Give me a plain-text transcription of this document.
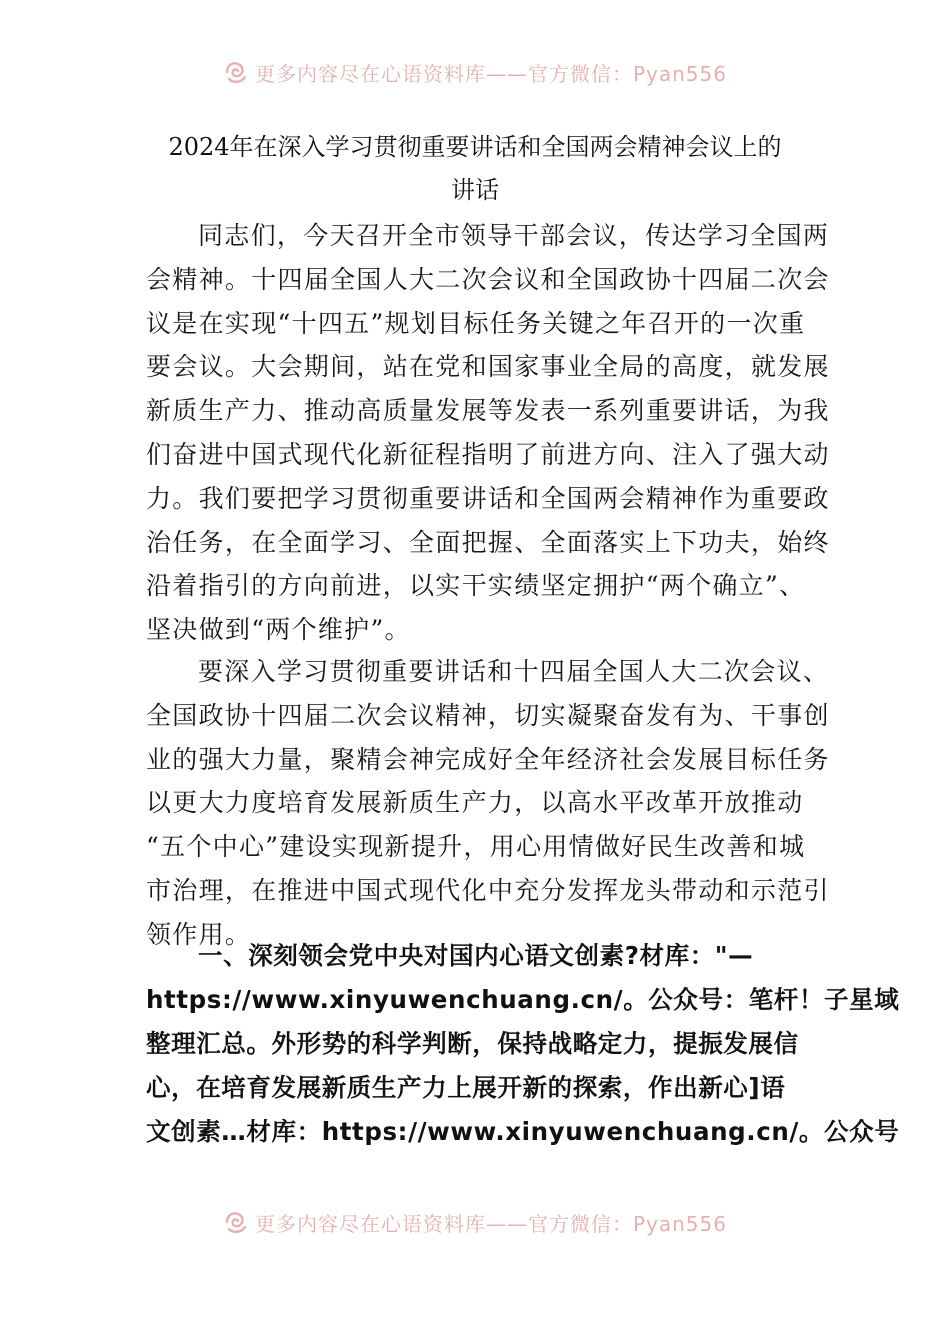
更多内容尽在心语资料库——官方微信：Pyan556
2024年在深入学习贯彻重要讲话和全国两会精神会议上的
讲话
同志们，今天召开全市领导干部会议，传达学习全国两
会精神。十四届全国人大二次会议和全国政协十四届二次会
议是在实现“十四五”规划目标任务关键之年召开的一次重
要会议。大会期间，站在党和国家事业全局的高度，就发展
新质生产力、推动高质量发展等发表一系列重要讲话，为我
们奋进中国式现代化新征程指明了前进方向、注入了强大动
力。我们要把学习贯彻重要讲话和全国两会精神作为重要政
治任务，在全面学习、全面把握、全面落实上下功夫，始终
沿着指引的方向前进，以实干实绩坚定拥护“两个确立”、
坚决做到“两个维护”。
要深入学习贯彻重要讲话和十四届全国人大二次会议、
全国政协十四届二次会议精神，切实凝聚奋发有为、干事创
业的强大力量，聚精会神完成好全年经济社会发展目标任务
以更大力度培育发展新质生产力，以高水平改革开放推动
“五个中心”建设实现新提升，用心用情做好民生改善和城
市治理，在推进中国式现代化中充分发挥龙头带动和示范引
领作用。
一、深刻领会党中央对国内心语文创素?材库："—
https://www.xinyuwenchuang.cn/。公众号：笔杆！子星域
整理汇总。外形势的科学判断，保持战略定力，提振发展信
心，在培育发展新质生产力上展开新的探索，作出新心]语
文创素…材库：https://www.xinyuwenchuang.cn/。公众号
更多内容尽在心语资料库——官方微信：Pyan556
